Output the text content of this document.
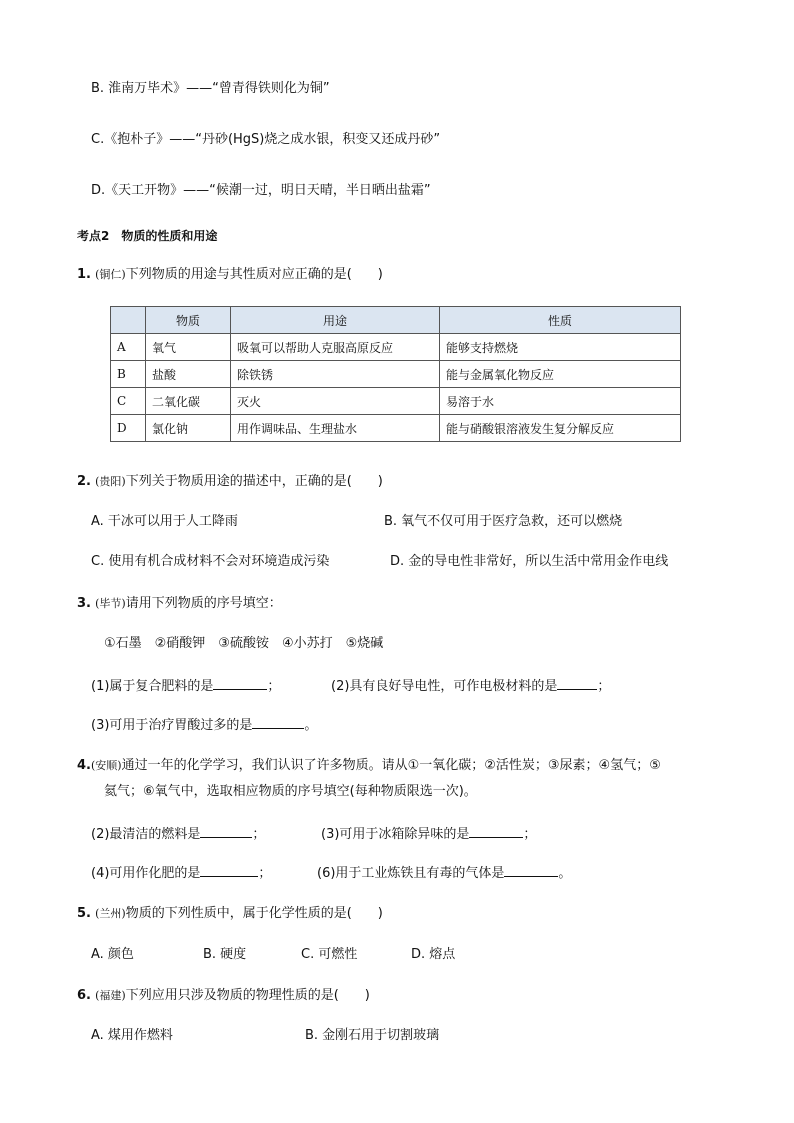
B. 淮南万毕术》——“曾青得铁则化为铜”
C.《抱朴子》——“丹砂(HgS)烧之成水银，积变又还成丹砂”
D.《天工开物》——“候潮一过，明日天晴，半日晒出盐霜”
考点2　物质的性质和用途
1. (铜仁)下列物质的用途与其性质对应正确的是(　　)
	物质	用途	性质
A	氧气	吸氧可以帮助人克服高原反应	能够支持燃烧
B	盐酸	除铁锈	能与金属氧化物反应
C	二氧化碳	灭火	易溶于水
D	氯化钠	用作调味品、生理盐水	能与硝酸银溶液发生复分解反应
2. (贵阳)下列关于物质用途的描述中，正确的是(　　)
A. 干冰可以用于人工降雨	B. 氧气不仅可用于医疗急救，还可以燃烧
C. 使用有机合成材料不会对环境造成污染	D. 金的导电性非常好，所以生活中常用金作电线
3. (毕节)请用下列物质的序号填空：
①石墨　②硝酸钾　③硫酸铵　④小苏打　⑤烧碱
(1)属于复合肥料的是	；	(2)具有良好导电性，可作电极材料的是	；
(3)可用于治疗胃酸过多的是	。
4.(安顺)通过一年的化学学习，我们认识了许多物质。请从①一氧化碳；②活性炭；③尿素；④氢气；⑤
氦气；⑥氧气中，选取相应物质的序号填空(每种物质限选一次)。
(2)最清洁的燃料是	；	(3)可用于冰箱除异味的是	；
(4)可用作化肥的是	；	(6)用于工业炼铁且有毒的气体是	。
5. (兰州)物质的下列性质中，属于化学性质的是(　　)
A. 颜色	B. 硬度	C. 可燃性	D. 熔点
6. (福建)下列应用只涉及物质的物理性质的是(　　)
A. 煤用作燃料	B. 金刚石用于切割玻璃
